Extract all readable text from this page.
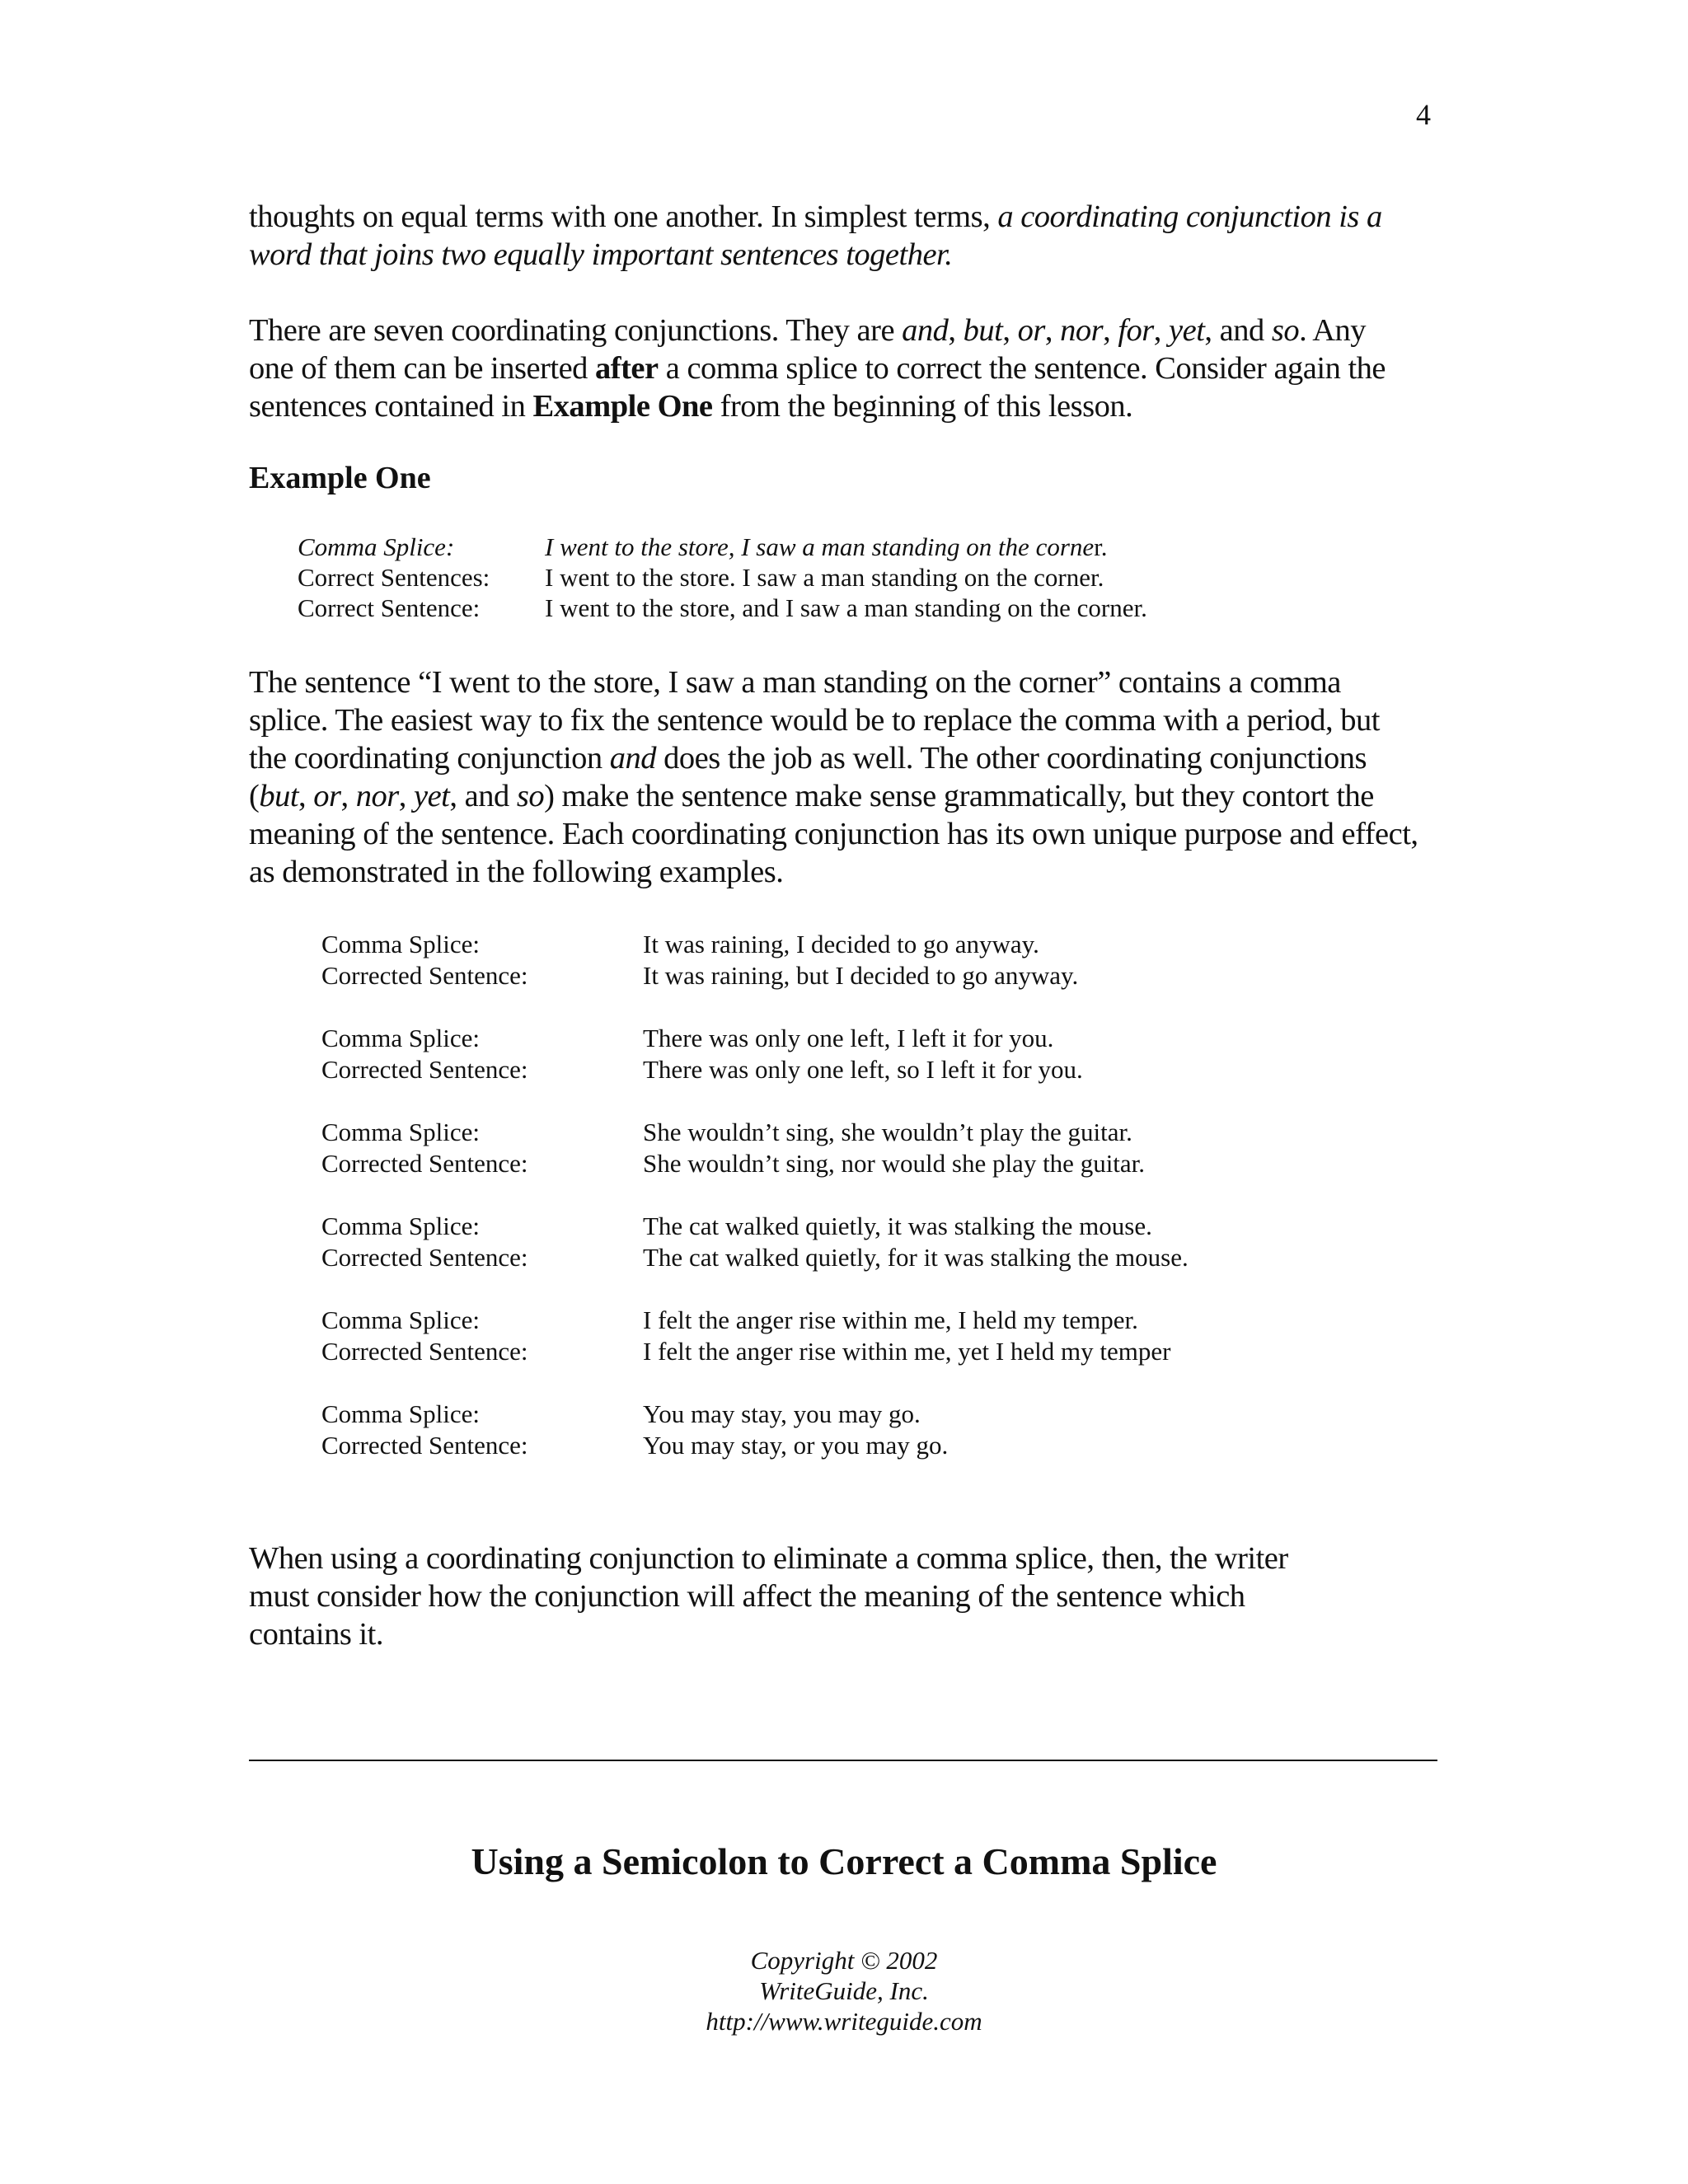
4

thoughts on equal terms with one another. In simplest terms, a coordinating conjunction is a word that joins two equally important sentences together.

There are seven coordinating conjunctions. They are and, but, or, nor, for, yet, and so. Any one of them can be inserted after a comma splice to correct the sentence. Consider again the sentences contained in Example One from the beginning of this lesson.

Example One
Comma Splice:	I went to the store, I saw a man standing on the corner.
Correct Sentences:	I went to the store. I saw a man standing on the corner.
Correct Sentence:	I went to the store, and I saw a man standing on the corner.

The sentence “I went to the store, I saw a man standing on the corner” contains a comma splice. The easiest way to fix the sentence would be to replace the comma with a period, but the coordinating conjunction and does the job as well. The other coordinating conjunctions (but, or, nor, yet, and so) make the sentence make sense grammatically, but they contort the meaning of the sentence. Each coordinating conjunction has its own unique purpose and effect, as demonstrated in the following examples.

Comma Splice:	It was raining, I decided to go anyway.
Corrected Sentence:	It was raining, but I decided to go anyway.
Comma Splice:	There was only one left, I left it for you.
Corrected Sentence:	There was only one left, so I left it for you.
Comma Splice:	She wouldn’t sing, she wouldn’t play the guitar.
Corrected Sentence:	She wouldn’t sing, nor would she play the guitar.
Comma Splice:	The cat walked quietly, it was stalking the mouse.
Corrected Sentence:	The cat walked quietly, for it was stalking the mouse.
Comma Splice:	I felt the anger rise within me, I held my temper.
Corrected Sentence:	I felt the anger rise within me, yet I held my temper
Comma Splice:	You may stay, you may go.
Corrected Sentence:	You may stay, or you may go.

When using a coordinating conjunction to eliminate a comma splice, then, the writer must consider how the conjunction will affect the meaning of the sentence which contains it.

Using a Semicolon to Correct a Comma Splice
Copyright © 2002
WriteGuide, Inc.
http://www.writeguide.com
